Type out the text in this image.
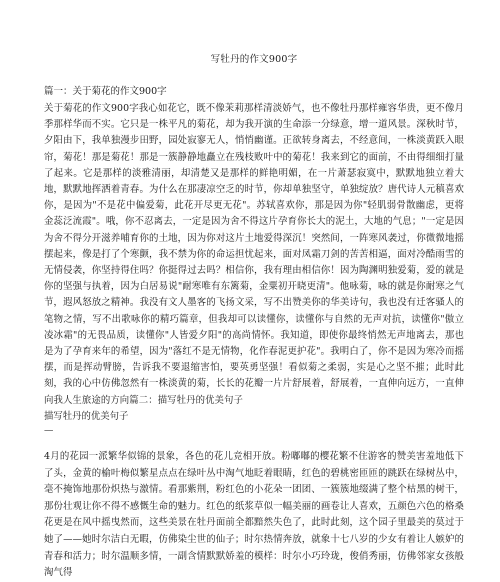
写牡丹的作文900字
篇一：关于菊花的作文900字

关于菊花的作文900字我心如花它，既不像茉莉那样清淡娇气，也不像牡丹那样雍容华贵，更不像月季那样华而不实。它只是一株平凡的菊花，却为我开演的生命添一分绿意，增一道风景。深秋时节，夕阳由下，我单独漫步田野，园处寂寥无人，悄悄幽谨。正欲转身离去，不经意间，一株淡黄跃入眼帘，菊花！那是菊花！那是一簇静静地矗立在残枝败叶中的菊花！我来到它的面前，不由得细细打量了起来。它是那样的淡雅清丽，却清楚又是那样的鲜艳明媚，在一片萧瑟寂寞中，默默地独立着大地，默默地挥洒着青春。为什么在那凄凉空乏的时节，你却单独坚守，单独绽放？唐代诗人元稹喜欢你，是因为"不是花中偏爱菊，此花开尽更无花"。苏轼喜欢你，那是因为你"轻肌弱骨散幽虑，更将金蕊泛流霞"。哦，你不忍离去，一定是因为舍不得这片孕育你长大的泥土，大地的气息；"一定是因为舍不得分开滋养哺育你的土地，因为你对这片土地爱得深沉！突然间，一阵寒风袭过，你微微地摇摆起来，像是打了个寒颤，我不禁为你的命运担忧起来，面对凤霜刀剑的苦苦相逼，面对冷酷雨雪的无情侵袭，你坚持得住吗？你挺得过去吗？相信你，我有理由相信你！因为陶渊明独爱菊，爱的就是你的坚强与执着，因为白居易说"耐寒唯有东篱菊，金粟初开晓更清"。他咏菊，咏的就是你耐寒之气节，遐风怒放之精神。我没有文人墨客的飞扬文采，写不出赞美你的华美诗句，我也没有迁客骚人的笔物之情，写不出歌咏你的精巧篇章，但我却可以读懂你，读懂你与自然的无声对抗，读懂你"傲立凌冰霜"的无畏品质，读懂你"人皆爱夕阳"的高尚情怀。我知道，即使你最终悄然无声地离去，那也是为了孕育来年的希望，因为"落红不是无情物，化作春泥更护花"。我明白了，你不是因为寒冷而摇摆，而是挥动臂膀，告诉我不要退缩害怕，要英勇坚强！看似菊之柔弱，实是心之坚不摧；此时此刻，我的心中仿佛忽然有一株淡黄的菊，长长的花瓣一片片舒展着，舒展着，一直伸向远方，一直伸向我人生旅途的方向篇二：描写牡丹的优美句子

描写牡丹的优美句子

—

4月的花园一派繁华似锦的景象，各色的花儿竞相开放。粉嘟嘟的樱花繁不住游客的赞美害羞地低下了头，金黄的榆叶梅似繁星点点在绿叶丛中淘气地眨着眼睛，红色的碧桃密匝匝的跳跃在绿树丛中，毫不掩饰地那份炽热与激情。看那紫荆，粉红色的小花朵一团团、一簇簇地缀满了整个枯黑的树干，那份壮观让你不得不感慨生命的魅力。红色的纸浆草似一幅美丽的画卷让人喜欢，五颜色六色的格桑花更是在风中摇曳然而，这些美景在牡丹面前全都黯然失色了，此时此刻，这个园子里最美的莫过于她了——她时尔洁白无暇，仿佛染尘世的仙子；时尔热情奔放，就象十七八岁的少女有着让人嫉妒的青春和活力；时尔温顺多情，一副含情默默娇羞的模样：时尔小巧玲珑，俊俏秀丽，仿佛邻家女孩般淘气得
